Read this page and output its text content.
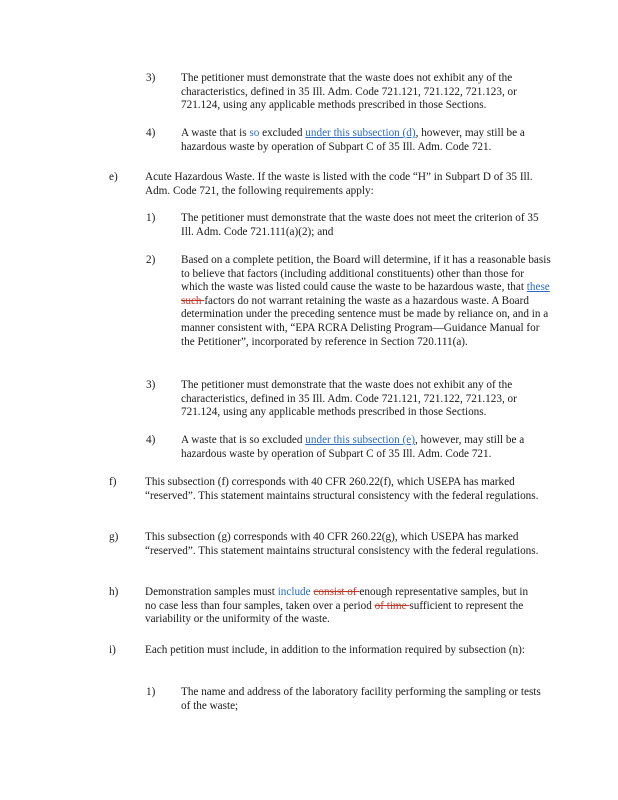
3) The petitioner must demonstrate that the waste does not exhibit any of the characteristics, defined in 35 Ill. Adm. Code 721.121, 721.122, 721.123, or 721.124, using any applicable methods prescribed in those Sections.
4) A waste that is so excluded under this subsection (d), however, may still be a hazardous waste by operation of Subpart C of 35 Ill. Adm. Code 721.
e) Acute Hazardous Waste. If the waste is listed with the code “H” in Subpart D of 35 Ill. Adm. Code 721, the following requirements apply:
1) The petitioner must demonstrate that the waste does not meet the criterion of 35 Ill. Adm. Code 721.111(a)(2); and
2) Based on a complete petition, the Board will determine, if it has a reasonable basis to believe that factors (including additional constituents) other than those for which the waste was listed could cause the waste to be hazardous waste, that these such factors do not warrant retaining the waste as a hazardous waste. A Board determination under the preceding sentence must be made by reliance on, and in a manner consistent with, “EPA RCRA Delisting Program—Guidance Manual for the Petitioner”, incorporated by reference in Section 720.111(a).
3) The petitioner must demonstrate that the waste does not exhibit any of the characteristics, defined in 35 Ill. Adm. Code 721.121, 721.122, 721.123, or 721.124, using any applicable methods prescribed in those Sections.
4) A waste that is so excluded under this subsection (e), however, may still be a hazardous waste by operation of Subpart C of 35 Ill. Adm. Code 721.
f)	This subsection (f) corresponds with 40 CFR 260.22(f), which USEPA has marked “reserved”. This statement maintains structural consistency with the federal regulations.
g) This subsection (g) corresponds with 40 CFR 260.22(g), which USEPA has marked “reserved”. This statement maintains structural consistency with the federal regulations.
h) Demonstration samples must include consist of enough representative samples, but in no case less than four samples, taken over a period of time sufficient to represent the variability or the uniformity of the waste.
i)	Each petition must include, in addition to the information required by subsection (n):
1) The name and address of the laboratory facility performing the sampling or tests of the waste;
